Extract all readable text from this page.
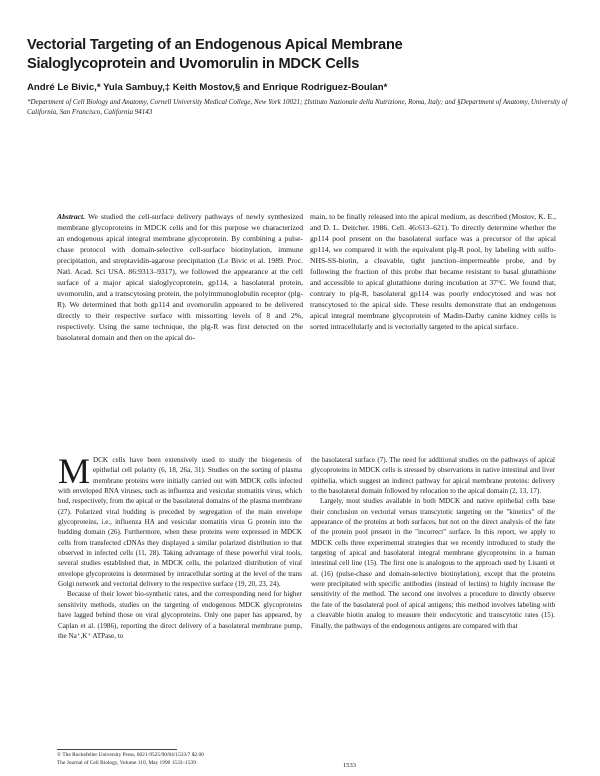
Vectorial Targeting of an Endogenous Apical Membrane
Sialoglycoprotein and Uvomorulin in MDCK Cells
André Le Bivic,* Yula Sambuy,‡ Keith Mostov,§ and Enrique Rodriguez-Boulan*
*Department of Cell Biology and Anatomy, Cornell University Medical College, New York 10021; ‡Istituto Nazionale della Nutrizione, Roma, Italy; and §Department of Anatomy, University of California, San Francisco, California 94143
Abstract. We studied the cell-surface delivery pathways of newly synthesized membrane glycoproteins in MDCK cells and for this purpose we characterized an endogenous apical integral membrane glycoprotein. By combining a pulse-chase protocol with domain-selective cell-surface biotinylation, immune precipitation, and streptavidin-agarose precipitation (Le Bivic et al. 1989. Proc. Natl. Acad. Sci USA. 86:9313–9317), we followed the appearance at the cell surface of a major apical sialoglycoprotein, gp114, a basolateral protein, uvomorulin, and a transcytosing protein, the polyimmunoglobulin receptor (plg-R). We determined that both gp114 and uvomorulin appeared to be delivered directly to their respective surface with missorting levels of 8 and 2%, respectively. Using the same technique, the plg-R was first detected on the basolateral domain and then on the apical do-
main, to be finally released into the apical medium, as described (Mostov, K. E., and D. L. Deitcher. 1986. Cell. 46:613–621). To directly determine whether the gp114 pool present on the basolateral surface was a precursor of the apical gp114, we compared it with the equivalent plg-R pool, by labeling with sulfo-NHS-SS-biotin, a cleavable, tight junction–impermeable probe, and by following the fraction of this probe that became resistant to basal glutathione and accessible to apical glutathione during incubation at 37°C. We found that, contrary to plg-R, basolateral gp114 was poorly endocytosed and was not transcytosed to the apical side. These results demonstrate that an endogenous apical integral membrane glycoprotein of Madin-Darby canine kidney cells is sorted intracellularly and is vectorially targeted to the apical surface.

MDCK cells have been extensively used to study the biogenesis of epithelial cell polarity (6, 18, 26a, 31). Studies on the sorting of plasma membrane proteins were initially carried out with MDCK cells infected with enveloped RNA viruses, such as influenza and vesicular stomatitis virus, which bud, respectively, from the apical or the basolateral domains of the plasma membrane (27). Polarized viral budding is preceded by segregation of the main envelope glycoproteins, i.e., influenza HA and vesicular stomatitis virus G protein into the budding domain (26). Furthermore, when these proteins were expressed in MDCK cells from transfected cDNAs they displayed a similar polarized distribution to that observed in infected cells (11, 28). Taking advantage of these powerful viral tools, several studies established that, in MDCK cells, the polarized distribution of viral envelope glycoproteins is determined by intracellular sorting at the level of the trans Golgi network and vectorial delivery to the respective surface (19, 20, 23, 24).

Because of their lower bio-synthetic rates, and the corresponding need for higher sensitivity methods, studies on the targeting of endogenous MDCK glycoproteins have lagged behind those on viral glycoproteins. Only one paper has appeared, by Caplan et al. (1986), reporting the direct delivery of a basolateral membrane pump, the Na⁺,K⁺ ATPase, to

the basolateral surface (7). The need for additional studies on the pathways of apical glycoproteins in MDCK cells is stressed by observations in native intestinal and liver epithelia, which suggest an indirect pathway for apical membrane proteins: delivery to the basolateral domain followed by relocation to the apical domain (2, 13, 17).

Largely, most studies available in both MDCK and native epithelial cells base their conclusion on vectorial versus transcytotic targeting on the "kinetics" of the appearance of the proteins at both surfaces, but not on the direct analysis of the fate of the protein pool present in the "incorrect" surface. In this report, we apply to MDCK cells three experimental strategies that we recently introduced to study the targeting of apical and basolateral integral membrane glycoproteins in a human intestinal cell line (15). The first one is analogous to the approach used by Lisanti et al. (16) (pulse-chase and domain-selective biotinylation), except that the proteins were precipitated with specific antibodies (instead of lectins) to highly increase the sensitivity of the method. The second one involves a procedure to directly observe the fate of the basolateral pool of apical antigens; this method involves labeling with a cleavable biotin analog to measure their endocytotic and transcytotic rates (15). Finally, the pathways of the endogenous antigens are compared with that

© The Rockefeller University Press, 0021-9525/90/04/1533/7 $2.00
The Journal of Cell Biology, Volume 110, May 1990 1533–1539	1533
